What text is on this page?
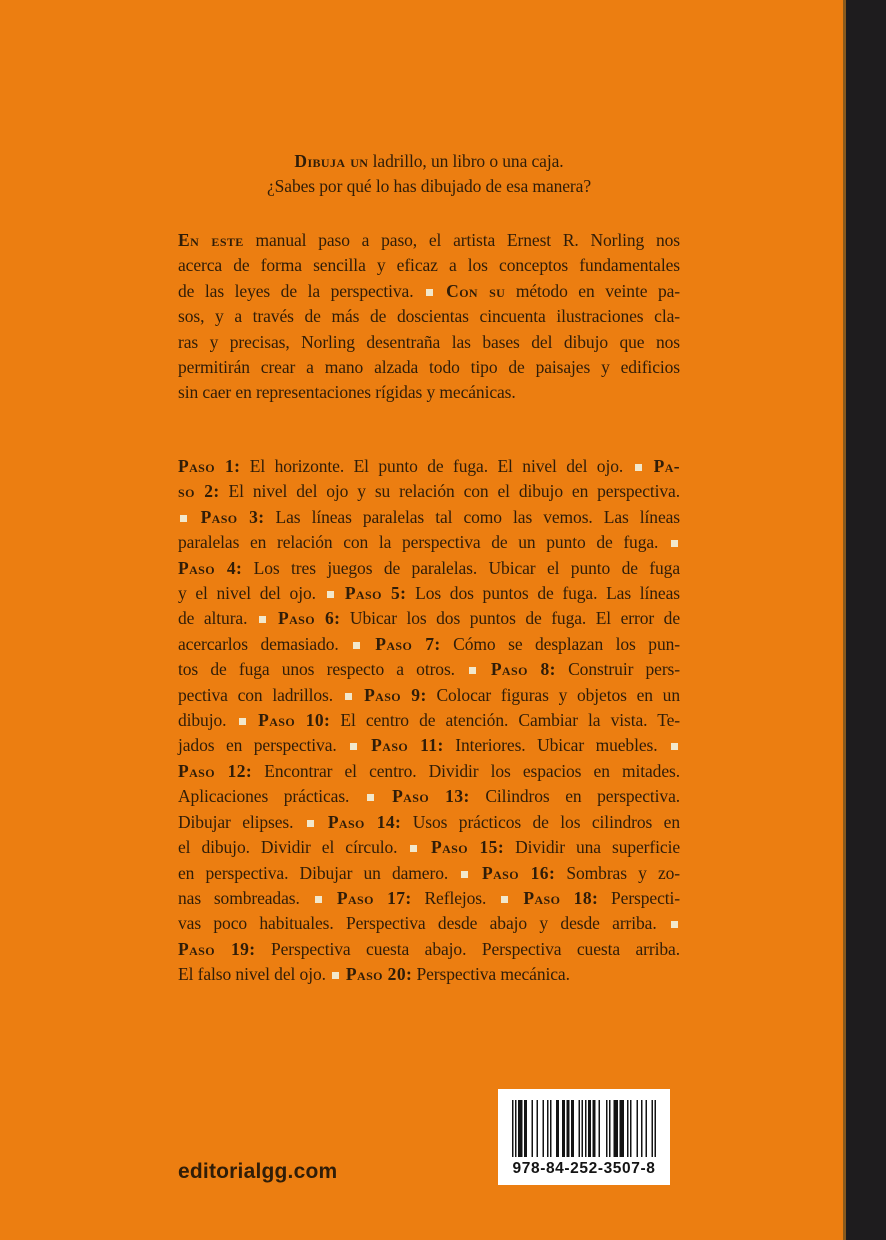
Dibuja un ladrillo, un libro o una caja.
¿Sabes por qué lo has dibujado de esa manera?
En este manual paso a paso, el artista Ernest R. Norling nos
acerca de forma sencilla y eficaz a los conceptos fundamentales
de las leyes de la perspectiva.  Con su método en veinte pa-
sos, y a través de más de doscientas cincuenta ilustraciones cla-
ras y precisas, Norling desentraña las bases del dibujo que nos
permitirán crear a mano alzada todo tipo de paisajes y edificios
sin caer en representaciones rígidas y mecánicas.
Paso 1: El horizonte. El punto de fuga. El nivel del ojo.  Pa-
so 2: El nivel del ojo y su relación con el dibujo en perspectiva.
Paso 3: Las líneas paralelas tal como las vemos. Las líneas
paralelas en relación con la perspectiva de un punto de fuga.
Paso 4: Los tres juegos de paralelas. Ubicar el punto de fuga
y el nivel del ojo.  Paso 5: Los dos puntos de fuga. Las líneas
de altura.  Paso 6: Ubicar los dos puntos de fuga. El error de
acercarlos demasiado.  Paso 7: Cómo se desplazan los pun-
tos de fuga unos respecto a otros.  Paso 8: Construir pers-
pectiva con ladrillos.  Paso 9: Colocar figuras y objetos en un
dibujo.  Paso 10: El centro de atención. Cambiar la vista. Te-
jados en perspectiva.  Paso 11: Interiores. Ubicar muebles.
Paso 12: Encontrar el centro. Dividir los espacios en mitades.
Aplicaciones prácticas.  Paso 13: Cilindros en perspectiva.
Dibujar elipses.  Paso 14: Usos prácticos de los cilindros en
el dibujo. Dividir el círculo.  Paso 15: Dividir una superficie
en perspectiva. Dibujar un damero.  Paso 16: Sombras y zo-
nas sombreadas.  Paso 17: Reflejos.  Paso 18: Perspecti-
vas poco habituales. Perspectiva desde abajo y desde arriba.
Paso 19: Perspectiva cuesta abajo. Perspectiva cuesta arriba.
El falso nivel del ojo.  Paso 20: Perspectiva mecánica.
editorialgg.com	978-84-252-3507-8
